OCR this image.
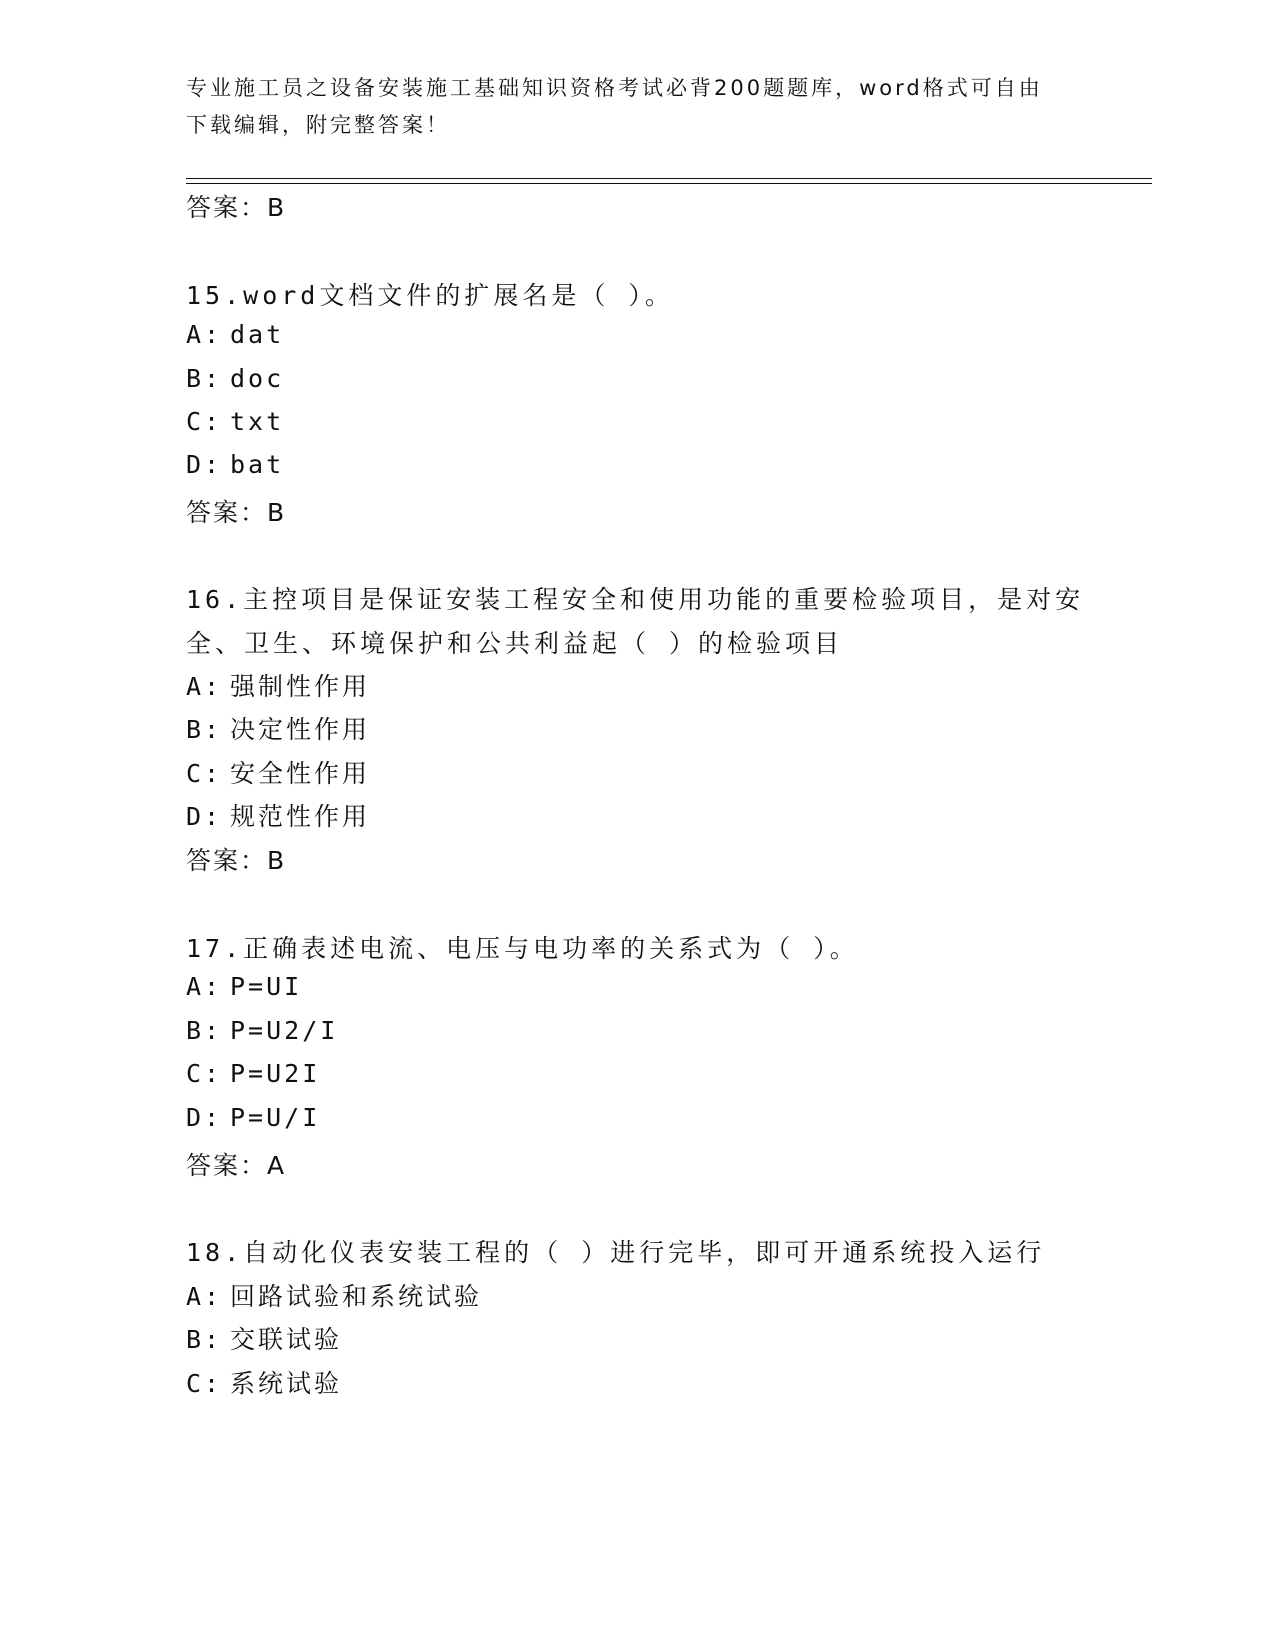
专业施工员之设备安装施工基础知识资格考试必背200题题库，word格式可自由
下载编辑，附完整答案！
答案：B
15.word文档文件的扩展名是（ ）。
A: dat
B: doc
C: txt
D: bat
答案：B
16.主控项目是保证安装工程安全和使用功能的重要检验项目，是对安
全、卫生、环境保护和公共利益起（ ）的检验项目
A: 强制性作用
B: 决定性作用
C: 安全性作用
D: 规范性作用
答案：B
17.正确表述电流、电压与电功率的关系式为（ ）。
A: P=UI
B: P=U2/I
C: P=U2I
D: P=U/I
答案：A
18.自动化仪表安装工程的（ ）进行完毕，即可开通系统投入运行
A: 回路试验和系统试验
B: 交联试验
C: 系统试验
